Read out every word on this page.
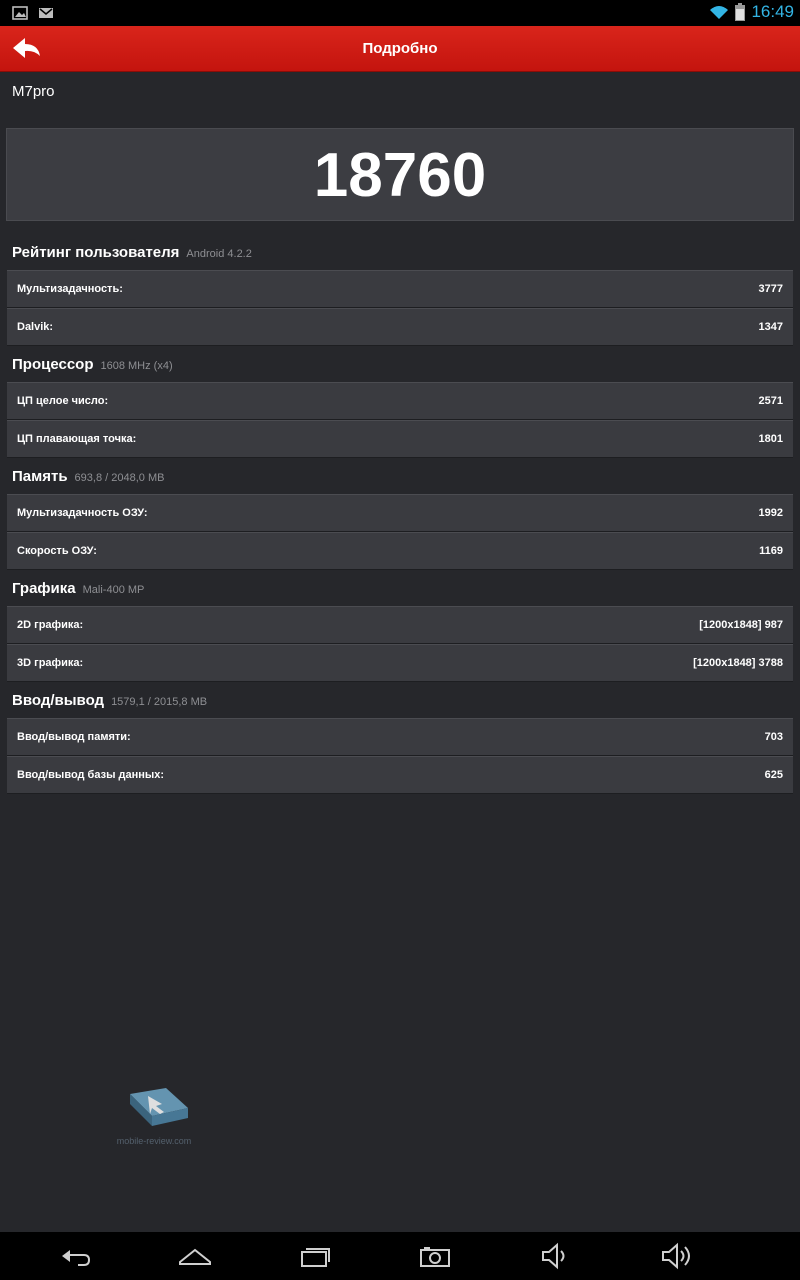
16:49
Подробно
M7pro
18760
Рейтинг пользователя Android 4.2.2
Мультизадачность:	3777
Dalvik:	1347
Процессор 1608 MHz (x4)
ЦП целое число:	2571
ЦП плавающая точка:	1801
Память 693,8 / 2048,0 MB
Мультизадачность ОЗУ:	1992
Скорость ОЗУ:	1169
Графика Mali-400 MP
2D графика:	[1200x1848] 987
3D графика:	[1200x1848] 3788
Ввод/вывод 1579,1 / 2015,8 MB
Ввод/вывод памяти:	703
Ввод/вывод базы данных:	625
mobile-review.com
